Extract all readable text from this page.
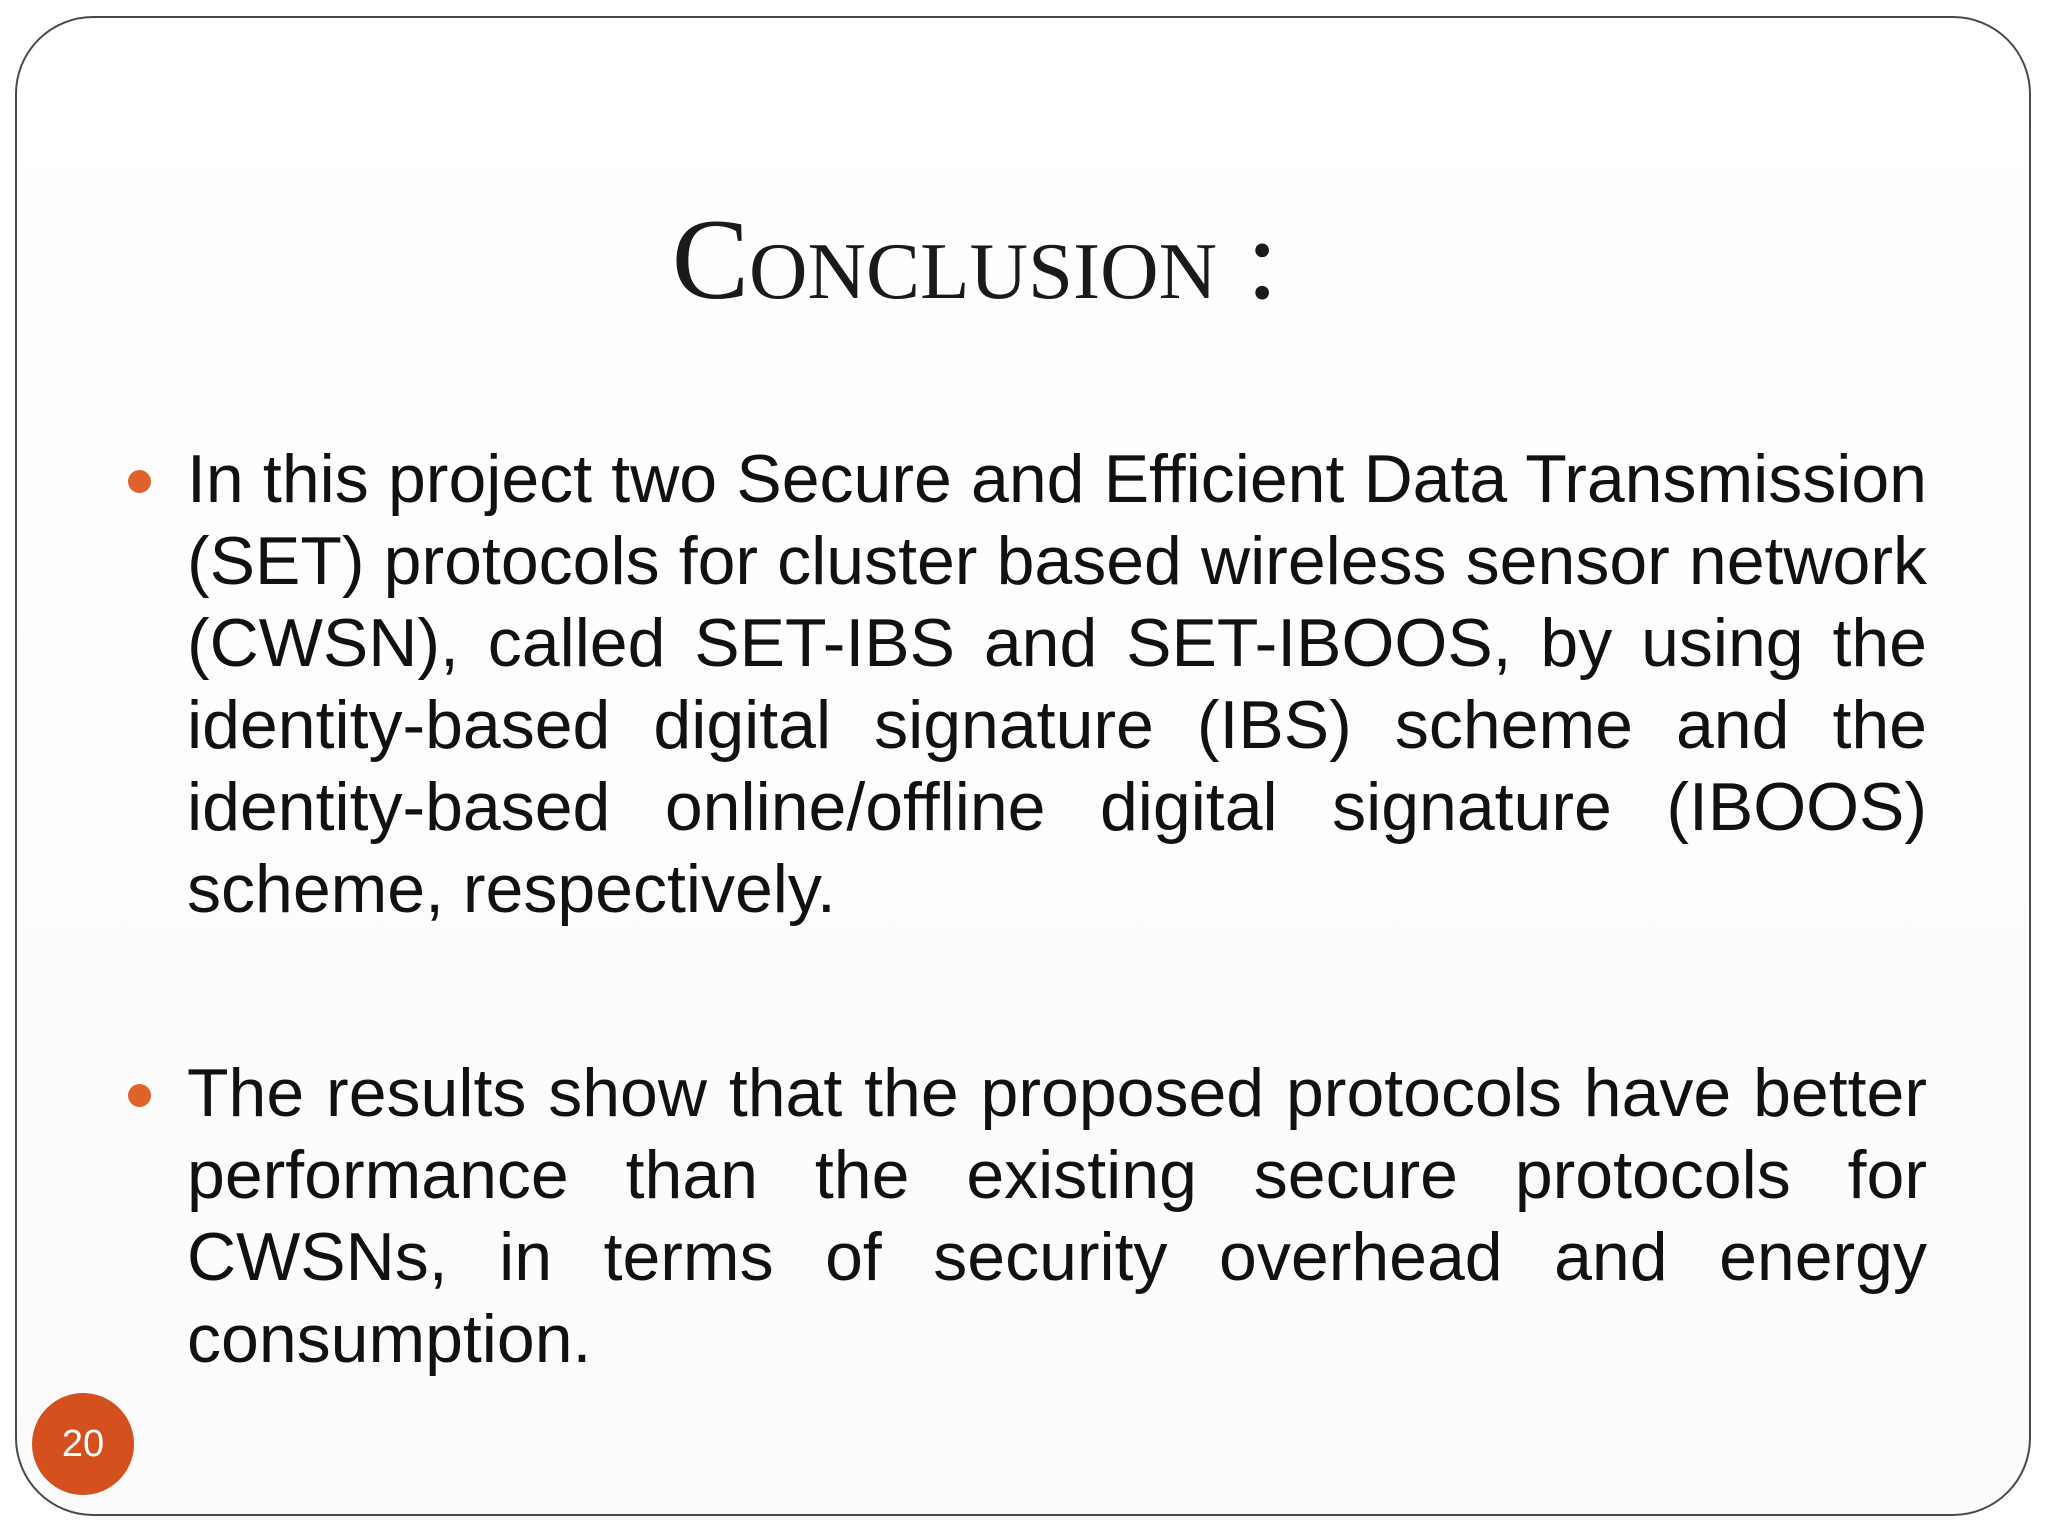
Conclusion :
In this project two Secure and Efficient Data Transmission (SET) protocols for cluster based wireless sensor network (CWSN), called SET-IBS and SET-IBOOS, by using the identity-based digital signature (IBS) scheme and the identity-based online/offline digital signature (IBOOS) scheme, respectively.
The results show that the proposed protocols have better performance than the existing secure protocols for CWSNs, in terms of security overhead and energy consumption.
20
